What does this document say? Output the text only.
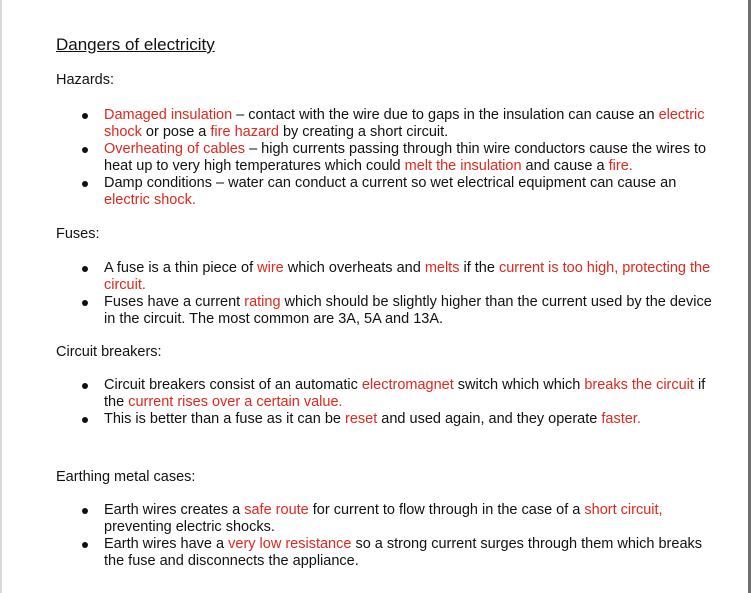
Dangers of electricity
Hazards:
Damaged insulation – contact with the wire due to gaps in the insulation can cause an electric shock or pose a fire hazard by creating a short circuit.
Overheating of cables – high currents passing through thin wire conductors cause the wires to heat up to very high temperatures which could melt the insulation and cause a fire.
Damp conditions – water can conduct a current so wet electrical equipment can cause an electric shock.
Fuses:
A fuse is a thin piece of wire which overheats and melts if the current is too high, protecting the circuit.
Fuses have a current rating which should be slightly higher than the current used by the device in the circuit. The most common are 3A, 5A and 13A.
Circuit breakers:
Circuit breakers consist of an automatic electromagnet switch which which breaks the circuit if the current rises over a certain value.
This is better than a fuse as it can be reset and used again, and they operate faster.
Earthing metal cases:
Earth wires creates a safe route for current to flow through in the case of a short circuit, preventing electric shocks.
Earth wires have a very low resistance so a strong current surges through them which breaks the fuse and disconnects the appliance.
